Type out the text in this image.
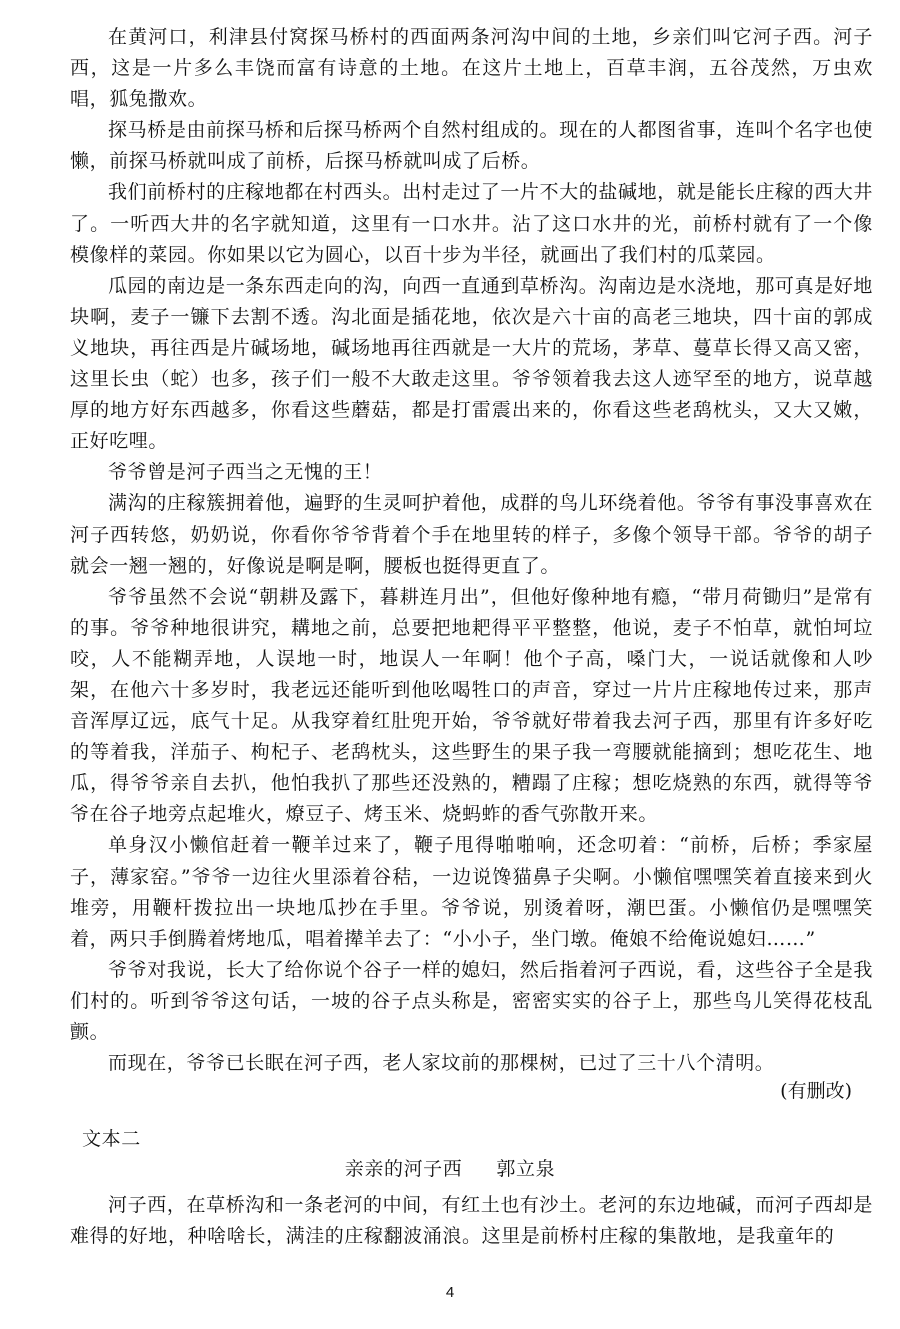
在黄河口，利津县付窝探马桥村的西面两条河沟中间的土地，乡亲们叫它河子西。河子西，这是一片多么丰饶而富有诗意的土地。在这片土地上，百草丰润，五谷茂然，万虫欢唱，狐兔撒欢。

探马桥是由前探马桥和后探马桥两个自然村组成的。现在的人都图省事，连叫个名字也使懒，前探马桥就叫成了前桥，后探马桥就叫成了后桥。

我们前桥村的庄稼地都在村西头。出村走过了一片不大的盐碱地，就是能长庄稼的西大井了。一听西大井的名字就知道，这里有一口水井。沾了这口水井的光，前桥村就有了一个像模像样的菜园。你如果以它为圆心，以百十步为半径，就画出了我们村的瓜菜园。

瓜园的南边是一条东西走向的沟，向西一直通到草桥沟。沟南边是水浇地，那可真是好地块啊，麦子一镰下去割不透。沟北面是插花地，依次是六十亩的高老三地块，四十亩的郭成义地块，再往西是片碱场地，碱场地再往西就是一大片的荒场，茅草、蔓草长得又高又密，这里长虫（蛇）也多，孩子们一般不大敢走这里。爷爷领着我去这人迹罕至的地方，说草越厚的地方好东西越多，你看这些蘑菇，都是打雷震出来的，你看这些老鸹枕头，又大又嫩，正好吃哩。

爷爷曾是河子西当之无愧的王！

满沟的庄稼簇拥着他，遍野的生灵呵护着他，成群的鸟儿环绕着他。爷爷有事没事喜欢在河子西转悠，奶奶说，你看你爷爷背着个手在地里转的样子，多像个领导干部。爷爷的胡子就会一翘一翘的，好像说是啊是啊，腰板也挺得更直了。

爷爷虽然不会说“朝耕及露下，暮耕连月出”，但他好像种地有瘾，“带月荷锄归”是常有的事。爷爷种地很讲究，耩地之前，总要把地耙得平平整整，他说，麦子不怕草，就怕坷垃咬，人不能糊弄地，人误地一时，地误人一年啊！他个子高，嗓门大，一说话就像和人吵架，在他六十多岁时，我老远还能听到他吆喝牲口的声音，穿过一片片庄稼地传过来，那声音浑厚辽远，底气十足。从我穿着红肚兜开始，爷爷就好带着我去河子西，那里有许多好吃的等着我，洋茄子、枸杞子、老鸹枕头，这些野生的果子我一弯腰就能摘到；想吃花生、地瓜，得爷爷亲自去扒，他怕我扒了那些还没熟的，糟蹋了庄稼；想吃烧熟的东西，就得等爷爷在谷子地旁点起堆火，燎豆子、烤玉米、烧蚂蚱的香气弥散开来。

单身汉小懒倌赶着一鞭羊过来了，鞭子甩得啪啪响，还念叨着：“前桥，后桥；季家屋子，薄家窑。”爷爷一边往火里添着谷秸，一边说馋猫鼻子尖啊。小懒倌嘿嘿笑着直接来到火堆旁，用鞭杆拨拉出一块地瓜抄在手里。爷爷说，别烫着呀，潮巴蛋。小懒倌仍是嘿嘿笑着，两只手倒腾着烤地瓜，唱着撵羊去了：“小小子，坐门墩。俺娘不给俺说媳妇……”

爷爷对我说，长大了给你说个谷子一样的媳妇，然后指着河子西说，看，这些谷子全是我们村的。听到爷爷这句话，一坡的谷子点头称是，密密实实的谷子上，那些鸟儿笑得花枝乱颤。

而现在，爷爷已长眠在河子西，老人家坟前的那棵树，已过了三十八个清明。

(有删改)
文本二
亲亲的河子西 郭立泉

河子西，在草桥沟和一条老河的中间，有红土也有沙土。老河的东边地碱，而河子西却是难得的好地，种啥啥长，满洼的庄稼翻波涌浪。这里是前桥村庄稼的集散地，是我童年的

4
